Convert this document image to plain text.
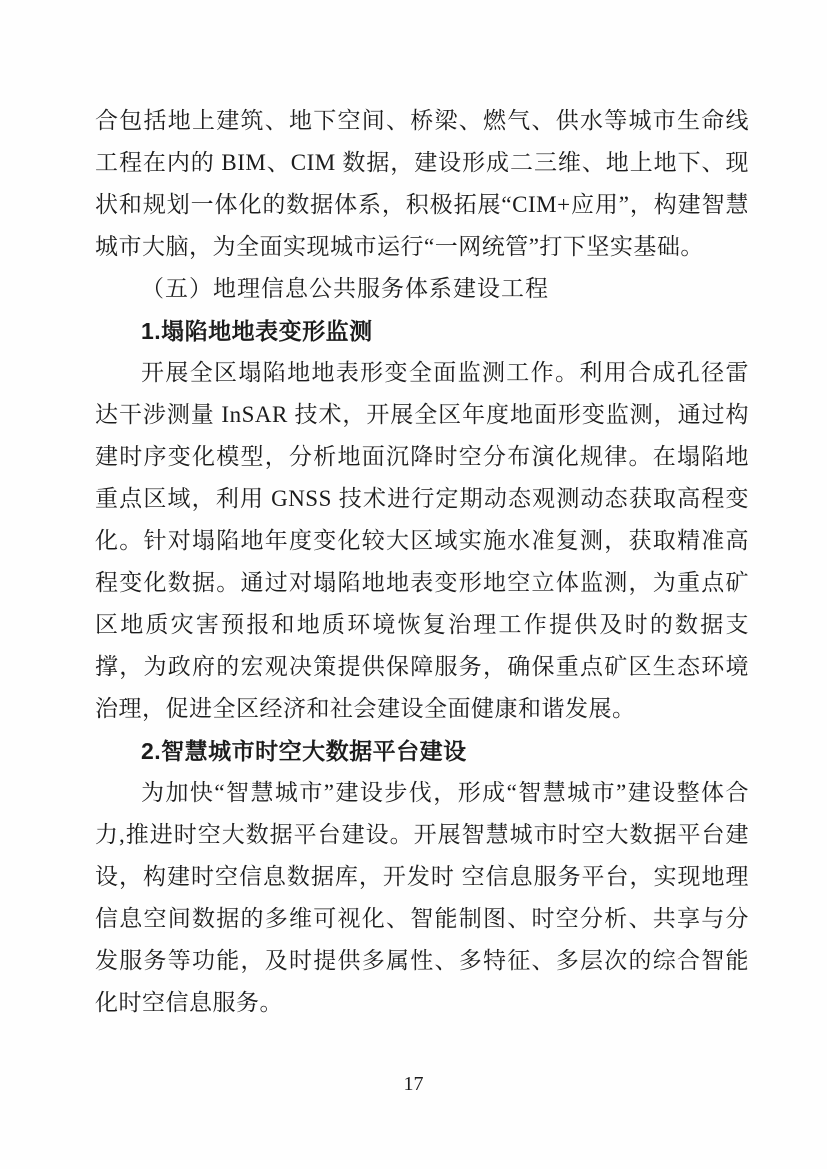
合包括地上建筑、地下空间、桥梁、燃气、供水等城市生命线工程在内的 BIM、CIM 数据，建设形成二三维、地上地下、现状和规划一体化的数据体系，积极拓展“CIM+应用”，构建智慧城市大脑，为全面实现城市运行“一网统管”打下坚实基础。

（五）地理信息公共服务体系建设工程
1.塌陷地地表变形监测

开展全区塌陷地地表形变全面监测工作。利用合成孔径雷达干涉测量 InSAR 技术，开展全区年度地面形变监测，通过构建时序变化模型，分析地面沉降时空分布演化规律。在塌陷地重点区域，利用 GNSS 技术进行定期动态观测动态获取高程变化。针对塌陷地年度变化较大区域实施水准复测，获取精准高程变化数据。通过对塌陷地地表变形地空立体监测，为重点矿区地质灾害预报和地质环境恢复治理工作提供及时的数据支撑，为政府的宏观决策提供保障服务，确保重点矿区生态环境治理，促进全区经济和社会建设全面健康和谐发展。

2.智慧城市时空大数据平台建设

为加快“智慧城市”建设步伐，形成“智慧城市”建设整体合力,推进时空大数据平台建设。开展智慧城市时空大数据平台建设，构建时空信息数据库，开发时 空信息服务平台，实现地理信息空间数据的多维可视化、智能制图、时空分析、共享与分发服务等功能，及时提供多属性、多特征、多层次的综合智能化时空信息服务。

17
